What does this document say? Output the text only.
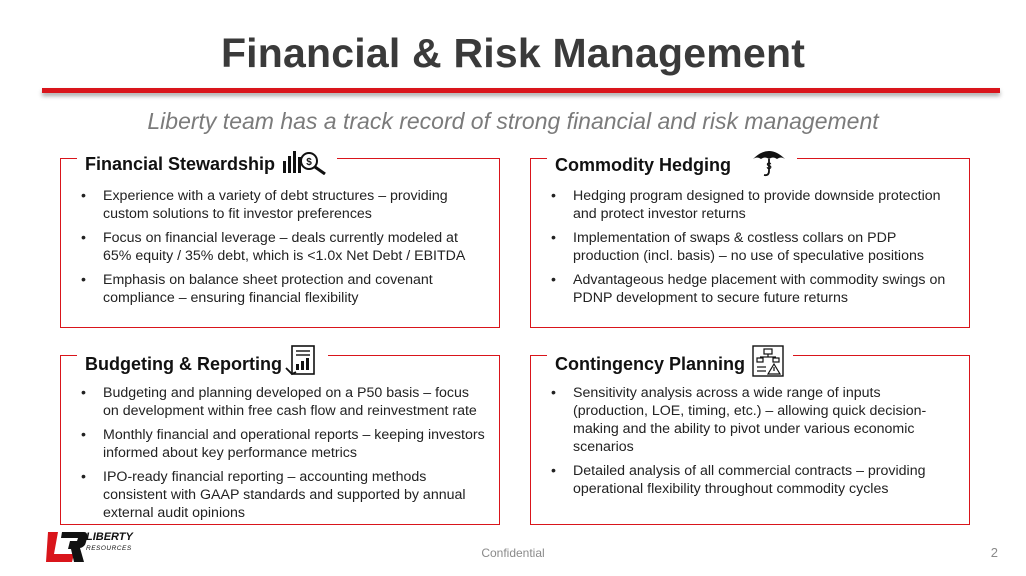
Financial & Risk Management
Liberty team has a track record of strong financial and risk management
Financial Stewardship	$
• Experience with a variety of debt structures – providing custom solutions to fit investor preferences
• Focus on financial leverage – deals currently modeled at 65% equity / 35% debt, which is <1.0x Net Debt / EBITDA
• Emphasis on balance sheet protection and covenant compliance – ensuring financial flexibility
Commodity Hedging	$
• Hedging program designed to provide downside protection and protect investor returns
• Implementation of swaps & costless collars on PDP production (incl. basis) – no use of speculative positions
• Advantageous hedge placement with commodity swings on PDNP development to secure future returns
Budgeting & Reporting
• Budgeting and planning developed on a P50 basis – focus on development within free cash flow and reinvestment rate
• Monthly financial and operational reports – keeping investors informed about key performance metrics
• IPO-ready financial reporting – accounting methods consistent with GAAP standards and supported by annual external audit opinions
Contingency Planning
• Sensitivity analysis across a wide range of inputs (production, LOE, timing, etc.) – allowing quick decision-making and the ability to pivot under various economic scenarios
• Detailed analysis of all commercial contracts – providing operational flexibility throughout commodity cycles
LIBERTY
RESOURCES	Confidential	2
